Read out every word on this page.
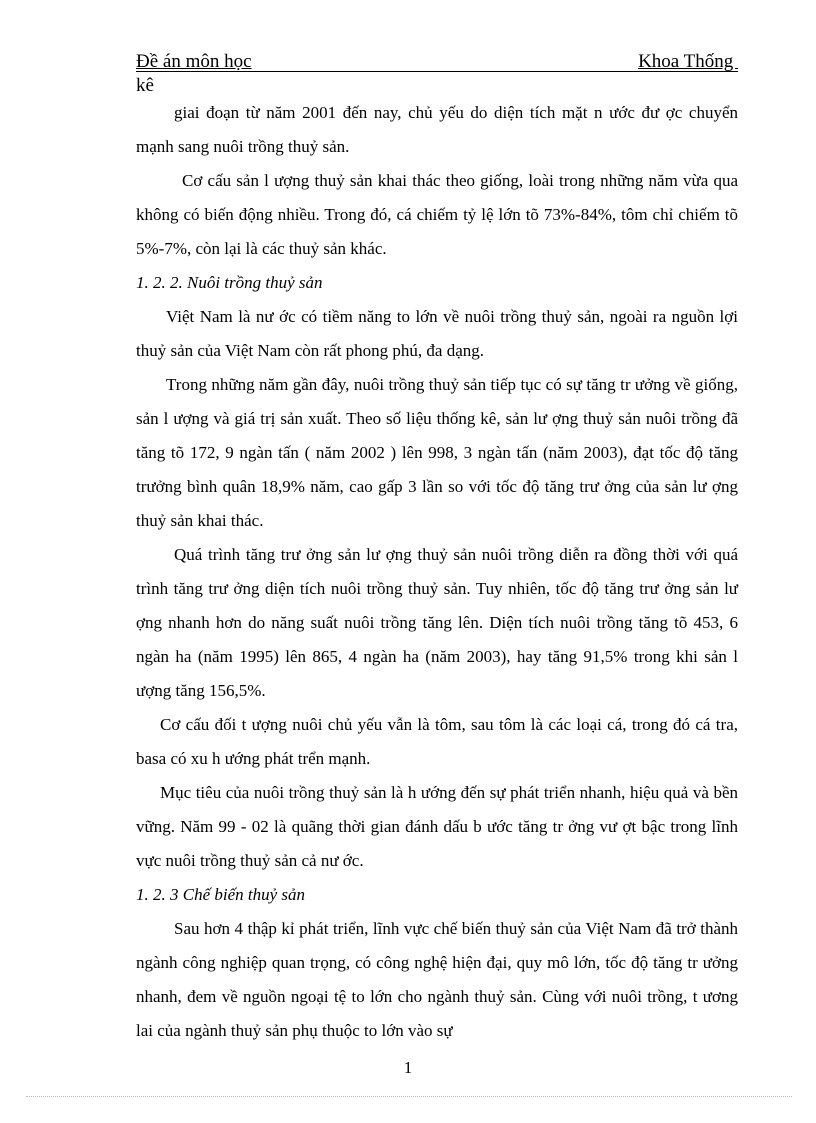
Đề án môn học	Khoa Thống
kê

giai đoạn từ năm 2001 đến nay, chủ yếu do diện tích mặt n ước đư ợc chuyển mạnh sang nuôi trồng thuỷ sản.

Cơ cấu sản l ượng thuỷ sản khai thác theo giống, loài trong những năm vừa qua không có biến động nhiều. Trong đó, cá chiếm tỷ lệ lớn tõ 73%-84%, tôm chỉ chiếm tõ 5%-7%, còn lại là các thuỷ sản khác.

1. 2. 2. Nuôi trồng thuỷ sản

Việt Nam là nư ớc có tiềm năng to lớn về nuôi trồng thuỷ sản, ngoài ra nguồn lợi thuỷ sản của Việt Nam còn rất phong phú, đa dạng.

Trong những năm gần đây, nuôi trồng thuỷ sản tiếp tục có sự tăng tr ưởng về giống, sản l ượng và giá trị sản xuất. Theo số liệu thống kê, sản lư ợng thuỷ sản nuôi trồng đã tăng tõ 172, 9 ngàn tấn ( năm 2002 ) lên 998, 3 ngàn tấn (năm 2003), đạt tốc độ tăng trưởng bình quân 18,9% năm, cao gấp 3 lần so với tốc độ tăng trư ởng của sản lư ợng thuỷ sản khai thác.

Quá trình tăng trư ởng sản lư ợng thuỷ sản nuôi trồng diễn ra đồng thời với quá trình tăng trư ởng diện tích nuôi trồng thuỷ sản. Tuy nhiên, tốc độ tăng trư ởng sản lư ợng nhanh hơn do năng suất nuôi trồng tăng lên. Diện tích nuôi trồng tăng tõ 453, 6 ngàn ha (năm 1995) lên 865, 4 ngàn ha (năm 2003), hay tăng 91,5% trong khi sản l ượng tăng 156,5%.

Cơ cấu đối t ượng nuôi chủ yếu vẫn là tôm, sau tôm là các loại cá, trong đó cá tra, basa có xu h ướng phát trển mạnh.

Mục tiêu của nuôi trồng thuỷ sản là h ướng đến sự phát triển nhanh, hiệu quả và bền vững. Năm 99 - 02 là quãng thời gian đánh dấu b ước tăng tr ởng vư ợt bậc trong lĩnh vực nuôi trồng thuỷ sản cả nư ớc.

1. 2. 3 Chế biến thuỷ sản

Sau hơn 4 thập kỉ phát triển, lĩnh vực chế biến thuỷ sản của Việt Nam đã trở thành ngành công nghiệp quan trọng, có công nghệ hiện đại, quy mô lớn, tốc độ tăng tr ưởng nhanh, đem về nguồn ngoại tệ to lớn cho ngành thuỷ sản. Cùng với nuôi trồng, t ương lai của ngành thuỷ sản phụ thuộc to lớn vào sự

1
